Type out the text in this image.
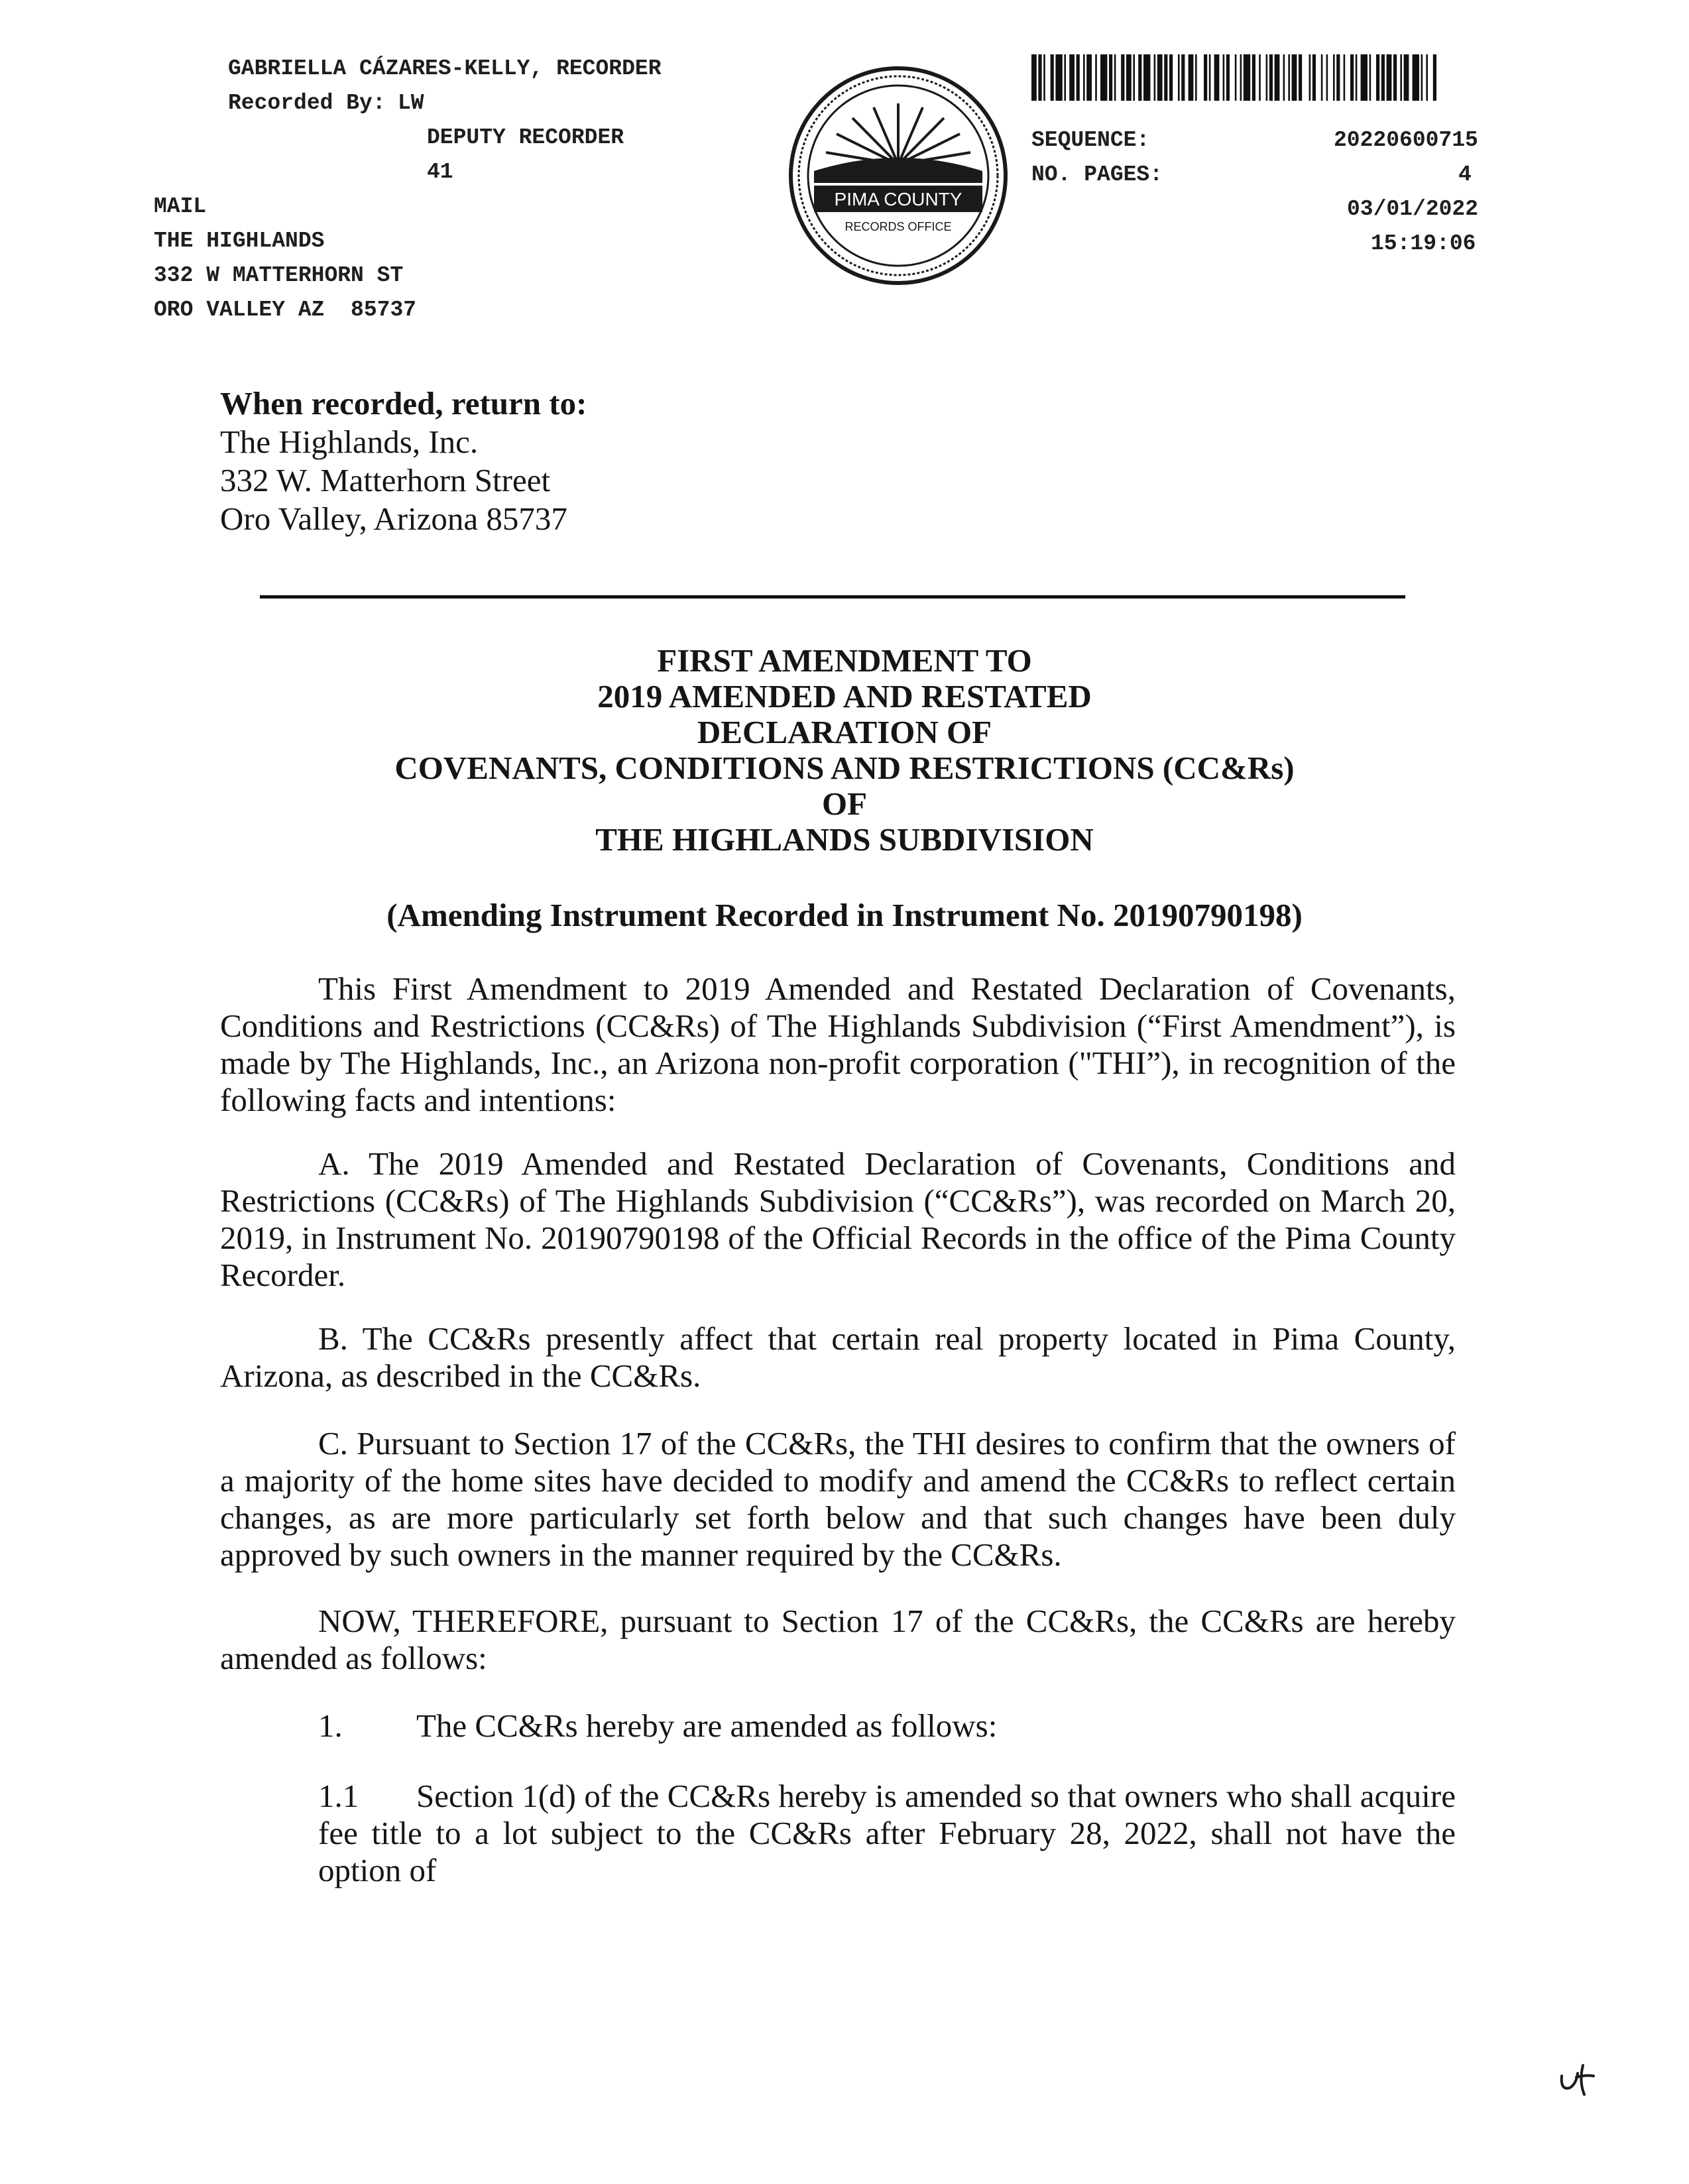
GABRIELLA CÁZARES-KELLY, RECORDER
Recorded By: LW
DEPUTY RECORDER
41
MAIL
THE HIGHLANDS
332 W MATTERHORN ST
ORO VALLEY AZ  85737
PIMA COUNTY
RECORDS OFFICE
SEQUENCE:	20220600715
NO. PAGES:	4
03/01/2022
15:19:06
When recorded, return to:
The Highlands, Inc.
332 W. Matterhorn Street
Oro Valley, Arizona 85737
FIRST AMENDMENT TO
2019 AMENDED AND RESTATED
DECLARATION OF
COVENANTS, CONDITIONS AND RESTRICTIONS (CC&Rs)
OF
THE HIGHLANDS SUBDIVISION
(Amending Instrument Recorded in Instrument No. 20190790198)
This First Amendment to 2019 Amended and Restated Declaration of Covenants, Conditions and Restrictions (CC&Rs) of The Highlands Subdivision (“First Amendment”), is made by The Highlands, Inc., an Arizona non-profit corporation ("THI”), in recognition of the following facts and intentions:
A. The 2019 Amended and Restated Declaration of Covenants, Conditions and Restrictions (CC&Rs) of The Highlands Subdivision (“CC&Rs”), was recorded on March 20, 2019, in Instrument No. 20190790198 of the Official Records in the office of the Pima County Recorder.
B. The CC&Rs presently affect that certain real property located in Pima County, Arizona, as described in the CC&Rs.
C. Pursuant to Section 17 of the CC&Rs, the THI desires to confirm that the owners of a majority of the home sites have decided to modify and amend the CC&Rs to reflect certain changes, as are more particularly set forth below and that such changes have been duly approved by such owners in the manner required by the CC&Rs.
NOW, THEREFORE, pursuant to Section 17 of the CC&Rs, the CC&Rs are hereby amended as follows:
1. The CC&Rs hereby are amended as follows:
1.1 Section 1(d) of the CC&Rs hereby is amended so that owners who shall acquire fee title to a lot subject to the CC&Rs after February 28, 2022, shall not have the option of
